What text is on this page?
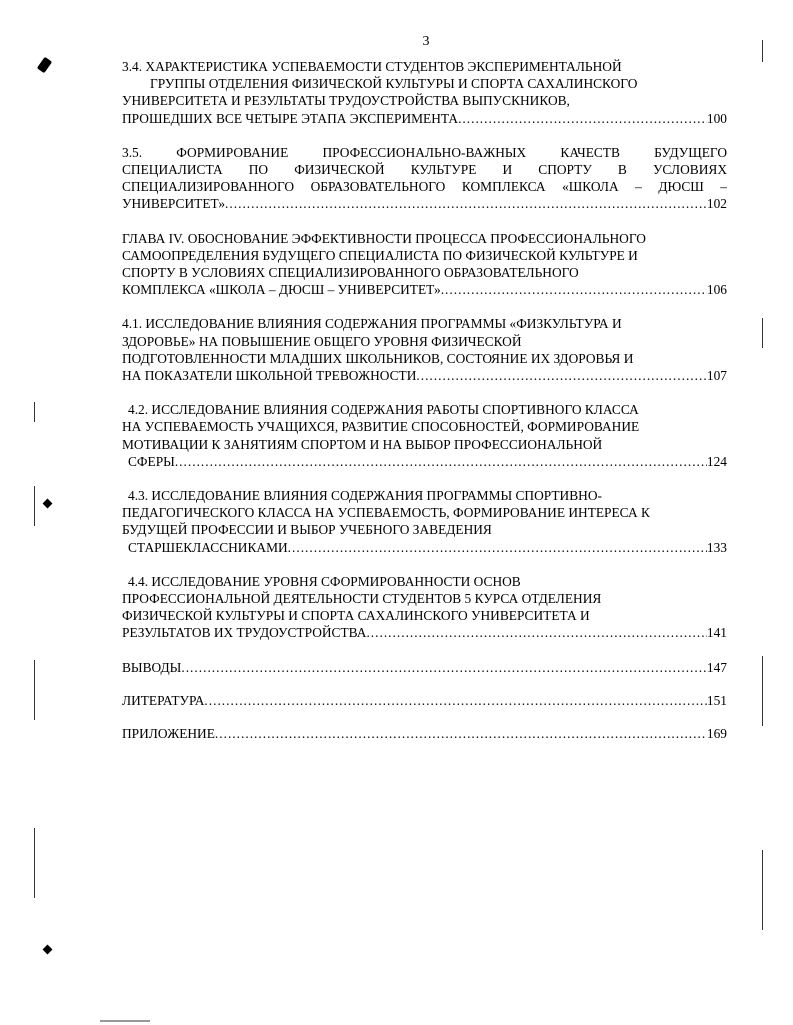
3
3.4. ХАРАКТЕРИСТИКА УСПЕВАЕМОСТИ СТУДЕНТОВ ЭКСПЕРИМЕНТАЛЬНОЙ
ГРУППЫ ОТДЕЛЕНИЯ ФИЗИЧЕСКОЙ КУЛЬТУРЫ И СПОРТА САХАЛИНСКОГО
УНИВЕРСИТЕТА И РЕЗУЛЬТАТЫ ТРУДОУСТРОЙСТВА ВЫПУСКНИКОВ,
ПРОШЕДШИХ ВСЕ ЧЕТЫРЕ ЭТАПА ЭКСПЕРИМЕНТА .....	100
3.5. ФОРМИРОВАНИЕ ПРОФЕССИОНАЛЬНО-ВАЖНЫХ КАЧЕСТВ БУДУЩЕГО
СПЕЦИАЛИСТА ПО ФИЗИЧЕСКОЙ КУЛЬТУРЕ И СПОРТУ В УСЛОВИЯХ
СПЕЦИАЛИЗИРОВАННОГО ОБРАЗОВАТЕЛЬНОГО КОМПЛЕКСА «ШКОЛА – ДЮСШ –
УНИВЕРСИТЕТ» .....	102
ГЛАВА IV. ОБОСНОВАНИЕ ЭФФЕКТИВНОСТИ ПРОЦЕССА ПРОФЕССИОНАЛЬНОГО
САМООПРЕДЕЛЕНИЯ БУДУЩЕГО СПЕЦИАЛИСТА ПО ФИЗИЧЕСКОЙ КУЛЬТУРЕ И
СПОРТУ В УСЛОВИЯХ СПЕЦИАЛИЗИРОВАННОГО ОБРАЗОВАТЕЛЬНОГО
КОМПЛЕКСА «ШКОЛА – ДЮСШ – УНИВЕРСИТЕТ» .....	106
4.1. ИССЛЕДОВАНИЕ ВЛИЯНИЯ СОДЕРЖАНИЯ ПРОГРАММЫ «ФИЗКУЛЬТУРА И
ЗДОРОВЬЕ» НА ПОВЫШЕНИЕ ОБЩЕГО УРОВНЯ ФИЗИЧЕСКОЙ
ПОДГОТОВЛЕННОСТИ МЛАДШИХ ШКОЛЬНИКОВ, СОСТОЯНИЕ ИХ ЗДОРОВЬЯ И
НА ПОКАЗАТЕЛИ ШКОЛЬНОЙ ТРЕВОЖНОСТИ .....	107
4.2. ИССЛЕДОВАНИЕ ВЛИЯНИЯ СОДЕРЖАНИЯ РАБОТЫ СПОРТИВНОГО КЛАССА
НА УСПЕВАЕМОСТЬ УЧАЩИХСЯ, РАЗВИТИЕ СПОСОБНОСТЕЙ, ФОРМИРОВАНИЕ
МОТИВАЦИИ К ЗАНЯТИЯМ СПОРТОМ И НА ВЫБОР ПРОФЕССИОНАЛЬНОЙ
СФЕРЫ .....	124
4.3. ИССЛЕДОВАНИЕ ВЛИЯНИЯ СОДЕРЖАНИЯ ПРОГРАММЫ СПОРТИВНО-
ПЕДАГОГИЧЕСКОГО КЛАССА НА УСПЕВАЕМОСТЬ, ФОРМИРОВАНИЕ ИНТЕРЕСА К
БУДУЩЕЙ ПРОФЕССИИ И ВЫБОР УЧЕБНОГО ЗАВЕДЕНИЯ
СТАРШЕКЛАССНИКАМИ .....	133
4.4. ИССЛЕДОВАНИЕ УРОВНЯ СФОРМИРОВАННОСТИ ОСНОВ
ПРОФЕССИОНАЛЬНОЙ ДЕЯТЕЛЬНОСТИ СТУДЕНТОВ 5 КУРСА ОТДЕЛЕНИЯ
ФИЗИЧЕСКОЙ КУЛЬТУРЫ И СПОРТА САХАЛИНСКОГО УНИВЕРСИТЕТА И
РЕЗУЛЬТАТОВ ИХ ТРУДОУСТРОЙСТВА .....	141
ВЫВОДЫ .....	147
ЛИТЕРАТУРА .....	151
ПРИЛОЖЕНИЕ .....	169
